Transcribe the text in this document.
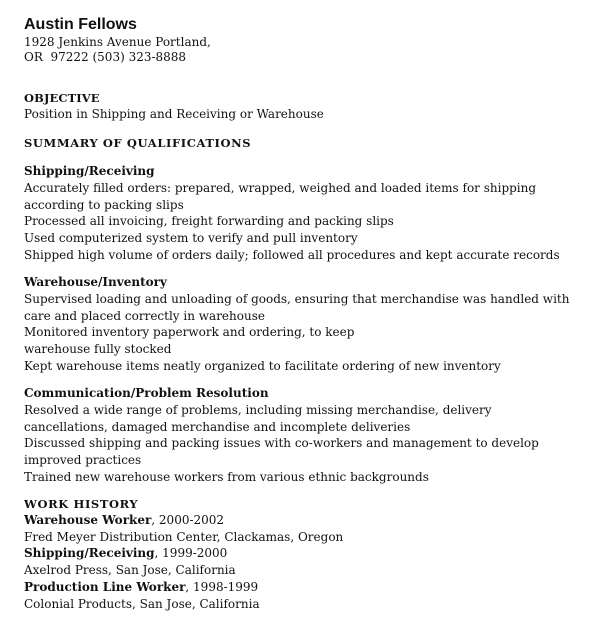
Austin Fellows

1928 Jenkins Avenue Portland,

OR  97222 (503) 323-8888

OBJECTIVE

Position in Shipping and Receiving or Warehouse

SUMMARY OF QUALIFICATIONS

Shipping/Receiving

Accurately filled orders: prepared, wrapped, weighed and loaded items for shipping according to packing slips

Processed all invoicing, freight forwarding and packing slips

Used computerized system to verify and pull inventory

Shipped high volume of orders daily; followed all procedures and kept accurate records

Warehouse/Inventory

Supervised loading and unloading of goods, ensuring that merchandise was handled with care and placed correctly in warehouse

Monitored inventory paperwork and ordering, to keep warehouse fully stocked

Kept warehouse items neatly organized to facilitate ordering of new inventory

Communication/Problem Resolution

Resolved a wide range of problems, including missing merchandise, delivery cancellations, damaged merchandise and incomplete deliveries

Discussed shipping and packing issues with co-workers and management to develop improved practices

Trained new warehouse workers from various ethnic backgrounds

WORK HISTORY

Warehouse Worker, 2000-2002

Fred Meyer Distribution Center, Clackamas, Oregon

Shipping/Receiving, 1999-2000

Axelrod Press, San Jose, California

Production Line Worker, 1998-1999

Colonial Products, San Jose, California
